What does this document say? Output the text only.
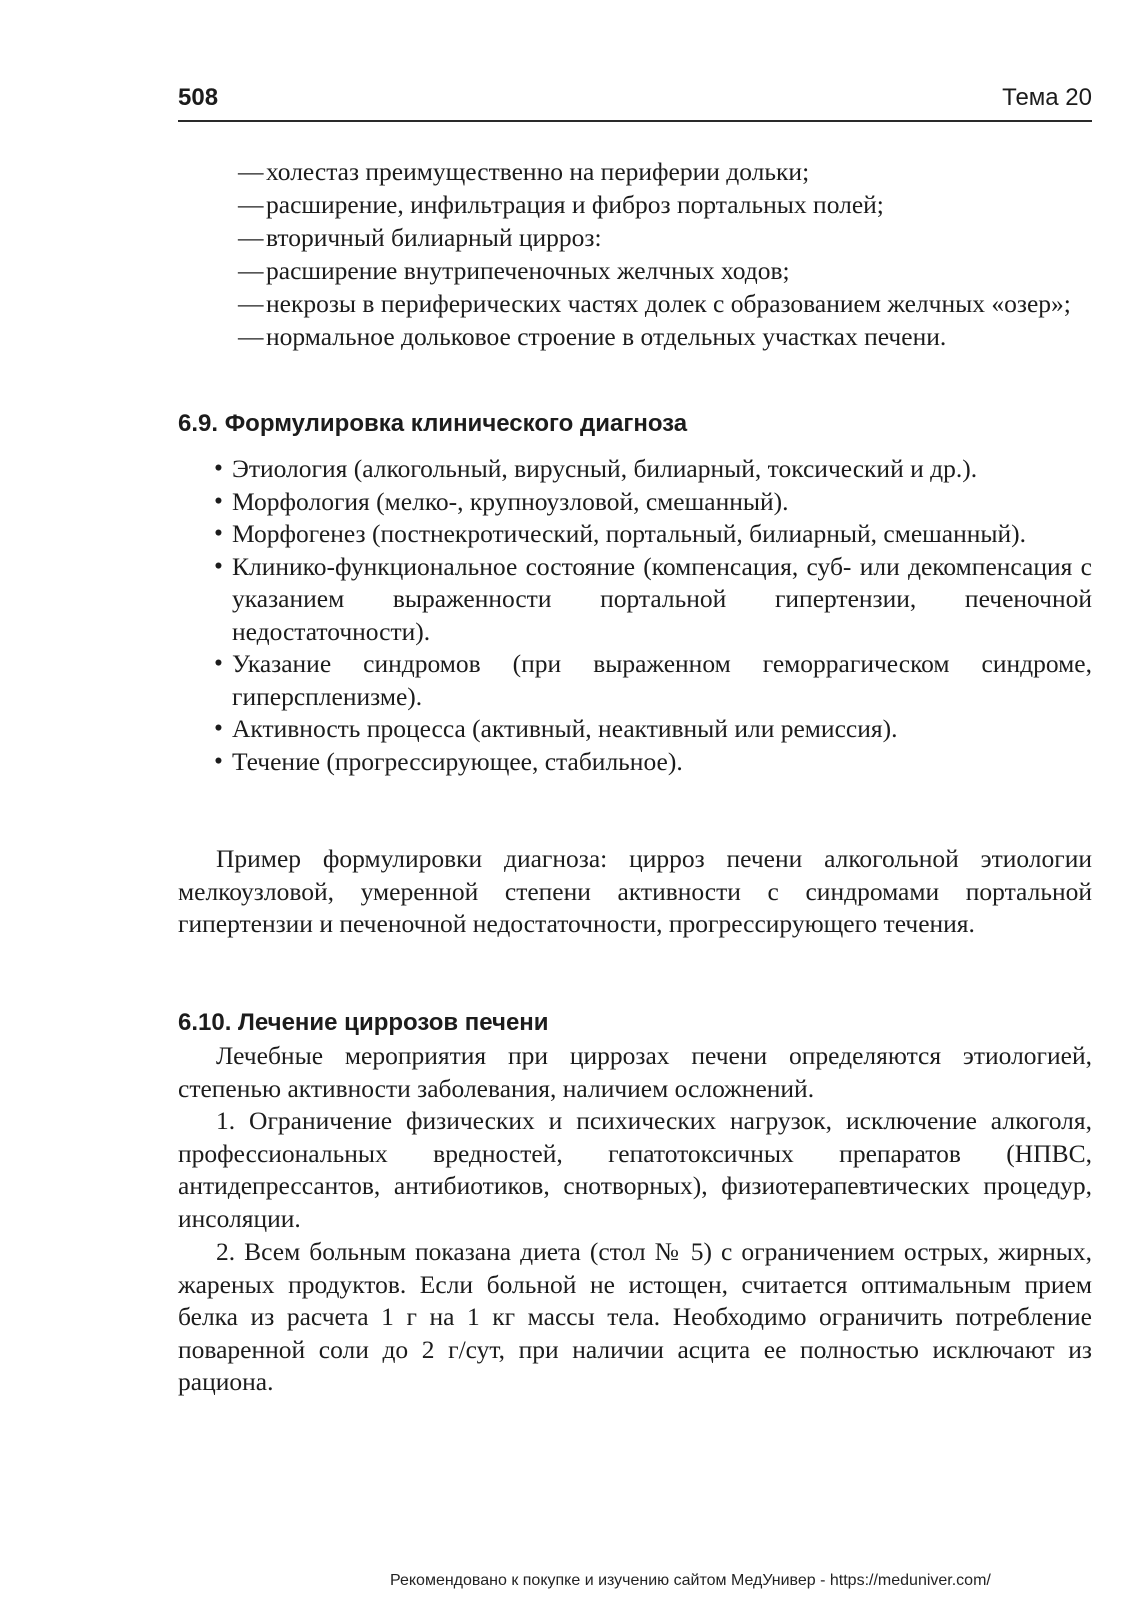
508	Тема 20
— холестаз преимущественно на периферии дольки;
— расширение, инфильтрация и фиброз портальных полей;
— вторичный билиарный цирроз:
— расширение внутрипеченочных желчных ходов;
— некрозы в периферических частях долек с образованием желчных «озер»;
— нормальное дольковое строение в отдельных участках печени.
6.9. Формулировка клинического диагноза
• Этиология (алкогольный, вирусный, билиарный, токсический и др.).
• Морфология (мелко-, крупноузловой, смешанный).
• Морфогенез (постнекротический, портальный, билиарный, смешанный).
• Клинико-функциональное состояние (компенсация, суб- или декомпенсация с указанием выраженности портальной гипертензии, печеночной недостаточности).
• Указание синдромов (при выраженном геморрагическом синдроме, гиперспленизме).
• Активность процесса (активный, неактивный или ремиссия).
• Течение (прогрессирующее, стабильное).

Пример формулировки диагноза: цирроз печени алкогольной этиологии мелкоузловой, умеренной степени активности с синдромами портальной гипертензии и печеночной недостаточности, прогрессирующего течения.

6.10. Лечение циррозов печени

Лечебные мероприятия при циррозах печени определяются этиологией, степенью активности заболевания, наличием осложнений.

1. Ограничение физических и психических нагрузок, исключение алкоголя, профессиональных вредностей, гепатотоксичных препаратов (НПВС, антидепрессантов, антибиотиков, снотворных), физиотерапевтических процедур, инсоляции.

2. Всем больным показана диета (стол № 5) с ограничением острых, жирных, жареных продуктов. Если больной не истощен, считается оптимальным прием белка из расчета 1 г на 1 кг массы тела. Необходимо ограничить потребление поваренной соли до 2 г/сут, при наличии асцита ее полностью исключают из рациона.

Рекомендовано к покупке и изучению сайтом МедУнивер - https://meduniver.com/
